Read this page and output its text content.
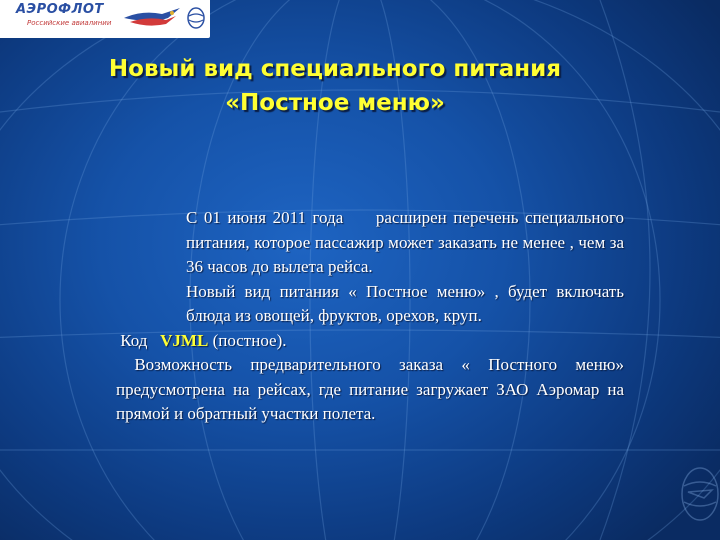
АЭРОФЛОТ
Российские авиалинии
Новый вид специального питания
«Постное меню»

С 01 июня 2011 года расширен перечень специального питания, которое пассажир может заказать не менее , чем за 36 часов до вылета рейса.

Новый вид питания « Постное меню» , будет включать блюда из овощей, фруктов, орехов, круп.

Код VJML (постное).

Возможность предварительного заказа « Постного меню» предусмотрена на рейсах, где питание загружает ЗАО Аэромар на прямой и обратный участки полета.
